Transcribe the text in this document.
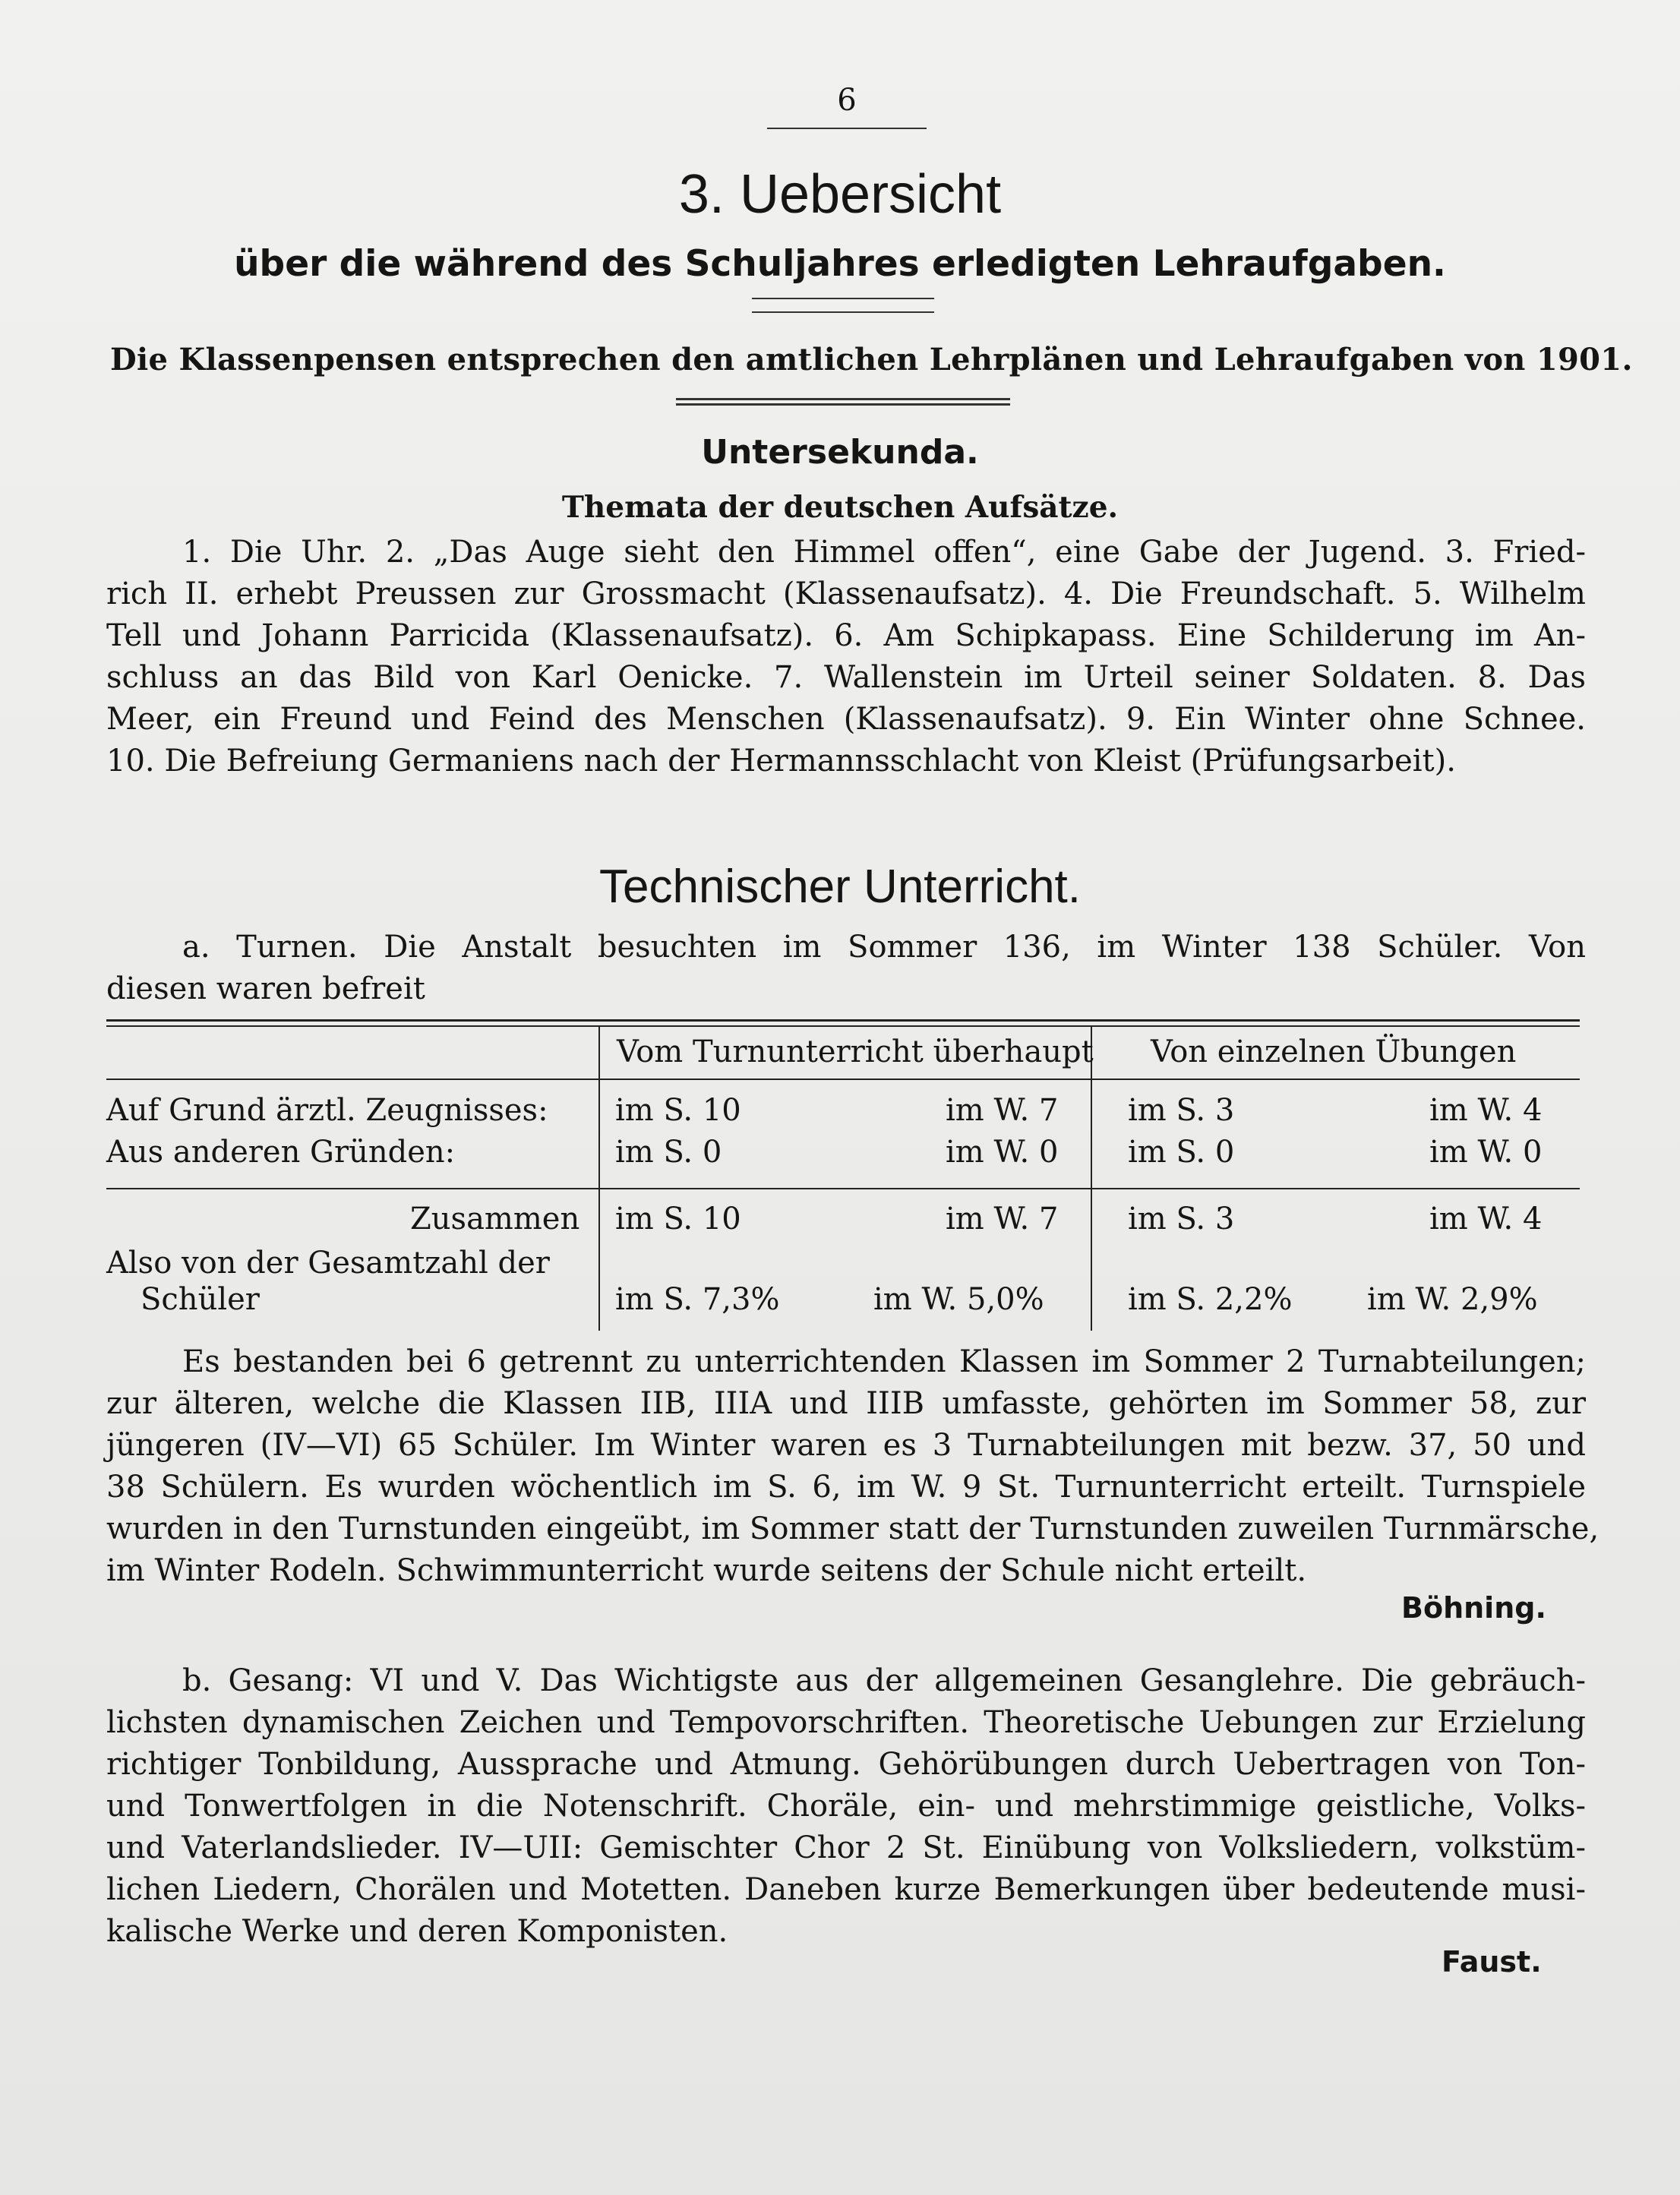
6
3. Uebersicht
über die während des Schuljahres erledigten Lehraufgaben.
Die Klassenpensen entsprechen den amtlichen Lehrplänen und Lehraufgaben von 1901.
Untersekunda.
Themata der deutschen Aufsätze.
1. Die Uhr. 2. „Das Auge sieht den Himmel offen“, eine Gabe der Jugend. 3. Fried-
rich II. erhebt Preussen zur Grossmacht (Klassenaufsatz). 4. Die Freundschaft. 5. Wilhelm
Tell und Johann Parricida (Klassenaufsatz). 6. Am Schipkapass. Eine Schilderung im An-
schluss an das Bild von Karl Oenicke. 7. Wallenstein im Urteil seiner Soldaten. 8. Das
Meer, ein Freund und Feind des Menschen (Klassenaufsatz). 9. Ein Winter ohne Schnee.
10. Die Befreiung Germaniens nach der Hermannsschlacht von Kleist (Prüfungsarbeit).
Technischer Unterricht.
a. Turnen. Die Anstalt besuchten im Sommer 136, im Winter 138 Schüler. Von
diesen waren befreit
Vom Turnunterricht überhaupt Von einzelnen Übungen
Auf Grund ärztl. Zeugnisses: im S. 10	im W. 7 im S. 3	im W. 4
Aus anderen Gründen:	im S. 0	im W. 0 im S. 0	im W. 0
Zusammen im S. 10	im W. 7 im S. 3	im W. 4
Also von der Gesamtzahl der
Schüler	im S. 7,3%	im W. 5,0%	im S. 2,2% im W. 2,9%
Es bestanden bei 6 getrennt zu unterrichtenden Klassen im Sommer 2 Turnabteilungen;
zur älteren, welche die Klassen IIB, IIIA und IIIB umfasste, gehörten im Sommer 58, zur
jüngeren (IV—VI) 65 Schüler. Im Winter waren es 3 Turnabteilungen mit bezw. 37, 50 und
38 Schülern. Es wurden wöchentlich im S. 6, im W. 9 St. Turnunterricht erteilt. Turnspiele
wurden in den Turnstunden eingeübt, im Sommer statt der Turnstunden zuweilen Turnmärsche,
im Winter Rodeln. Schwimmunterricht wurde seitens der Schule nicht erteilt.
Böhning.
b. Gesang: VI und V. Das Wichtigste aus der allgemeinen Gesanglehre. Die gebräuch-
lichsten dynamischen Zeichen und Tempovorschriften. Theoretische Uebungen zur Erzielung
richtiger Tonbildung, Aussprache und Atmung. Gehörübungen durch Uebertragen von Ton-
und Tonwertfolgen in die Notenschrift. Choräle, ein- und mehrstimmige geistliche, Volks-
und Vaterlandslieder. IV—UII: Gemischter Chor 2 St. Einübung von Volksliedern, volkstüm-
lichen Liedern, Chorälen und Motetten. Daneben kurze Bemerkungen über bedeutende musi-
kalische Werke und deren Komponisten.
Faust.
